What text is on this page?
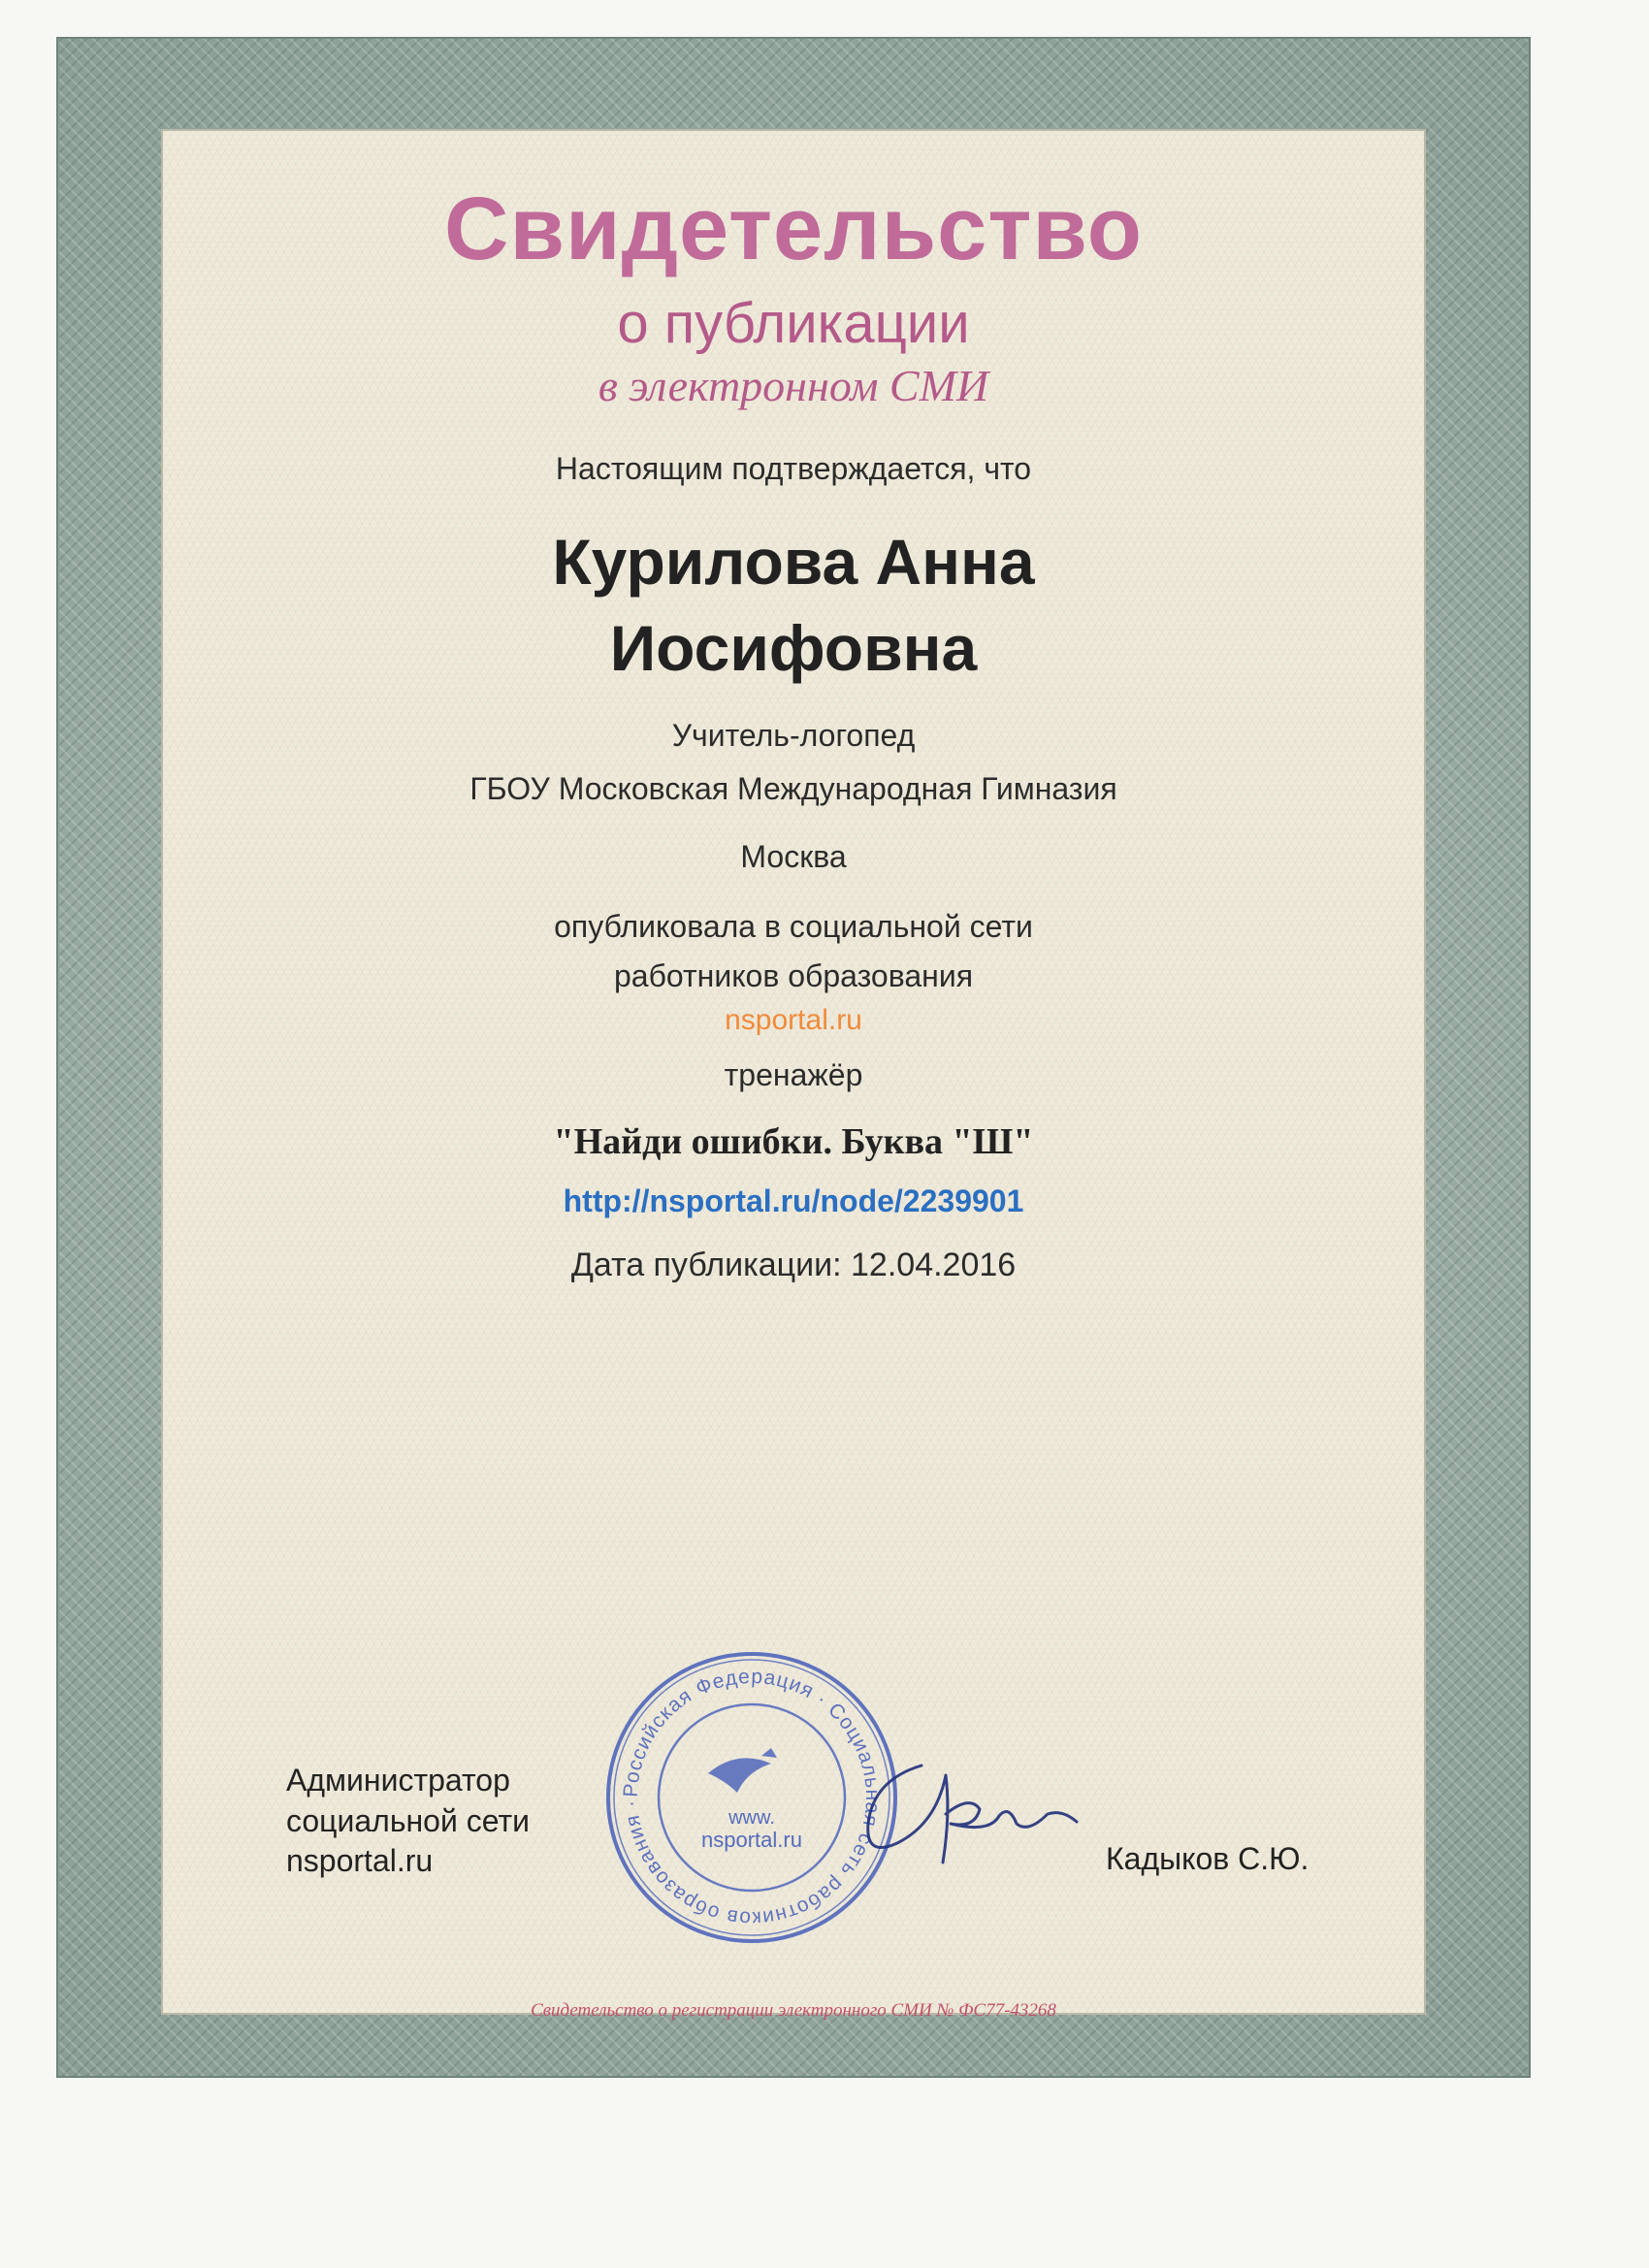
Свидетельство
о публикации
в электронном СМИ
Настоящим подтверждается, что
Курилова Анна
Иосифовна
Учитель-логопед
ГБОУ Московская Международная Гимназия
Москва
опубликовала в социальной сети
работников образования
nsportal.ru
тренажёр
"Найди ошибки. Буква "Ш"
http://nsportal.ru/node/2239901
Дата публикации: 12.04.2016
Администратор
социальной сети
nsportal.ru
Российская Федерация · Социальная сеть работников образования ·
www.
nsportal.ru
Кадыков С.Ю.
Свидетельство о регистрации электронного СМИ № ФС77-43268
